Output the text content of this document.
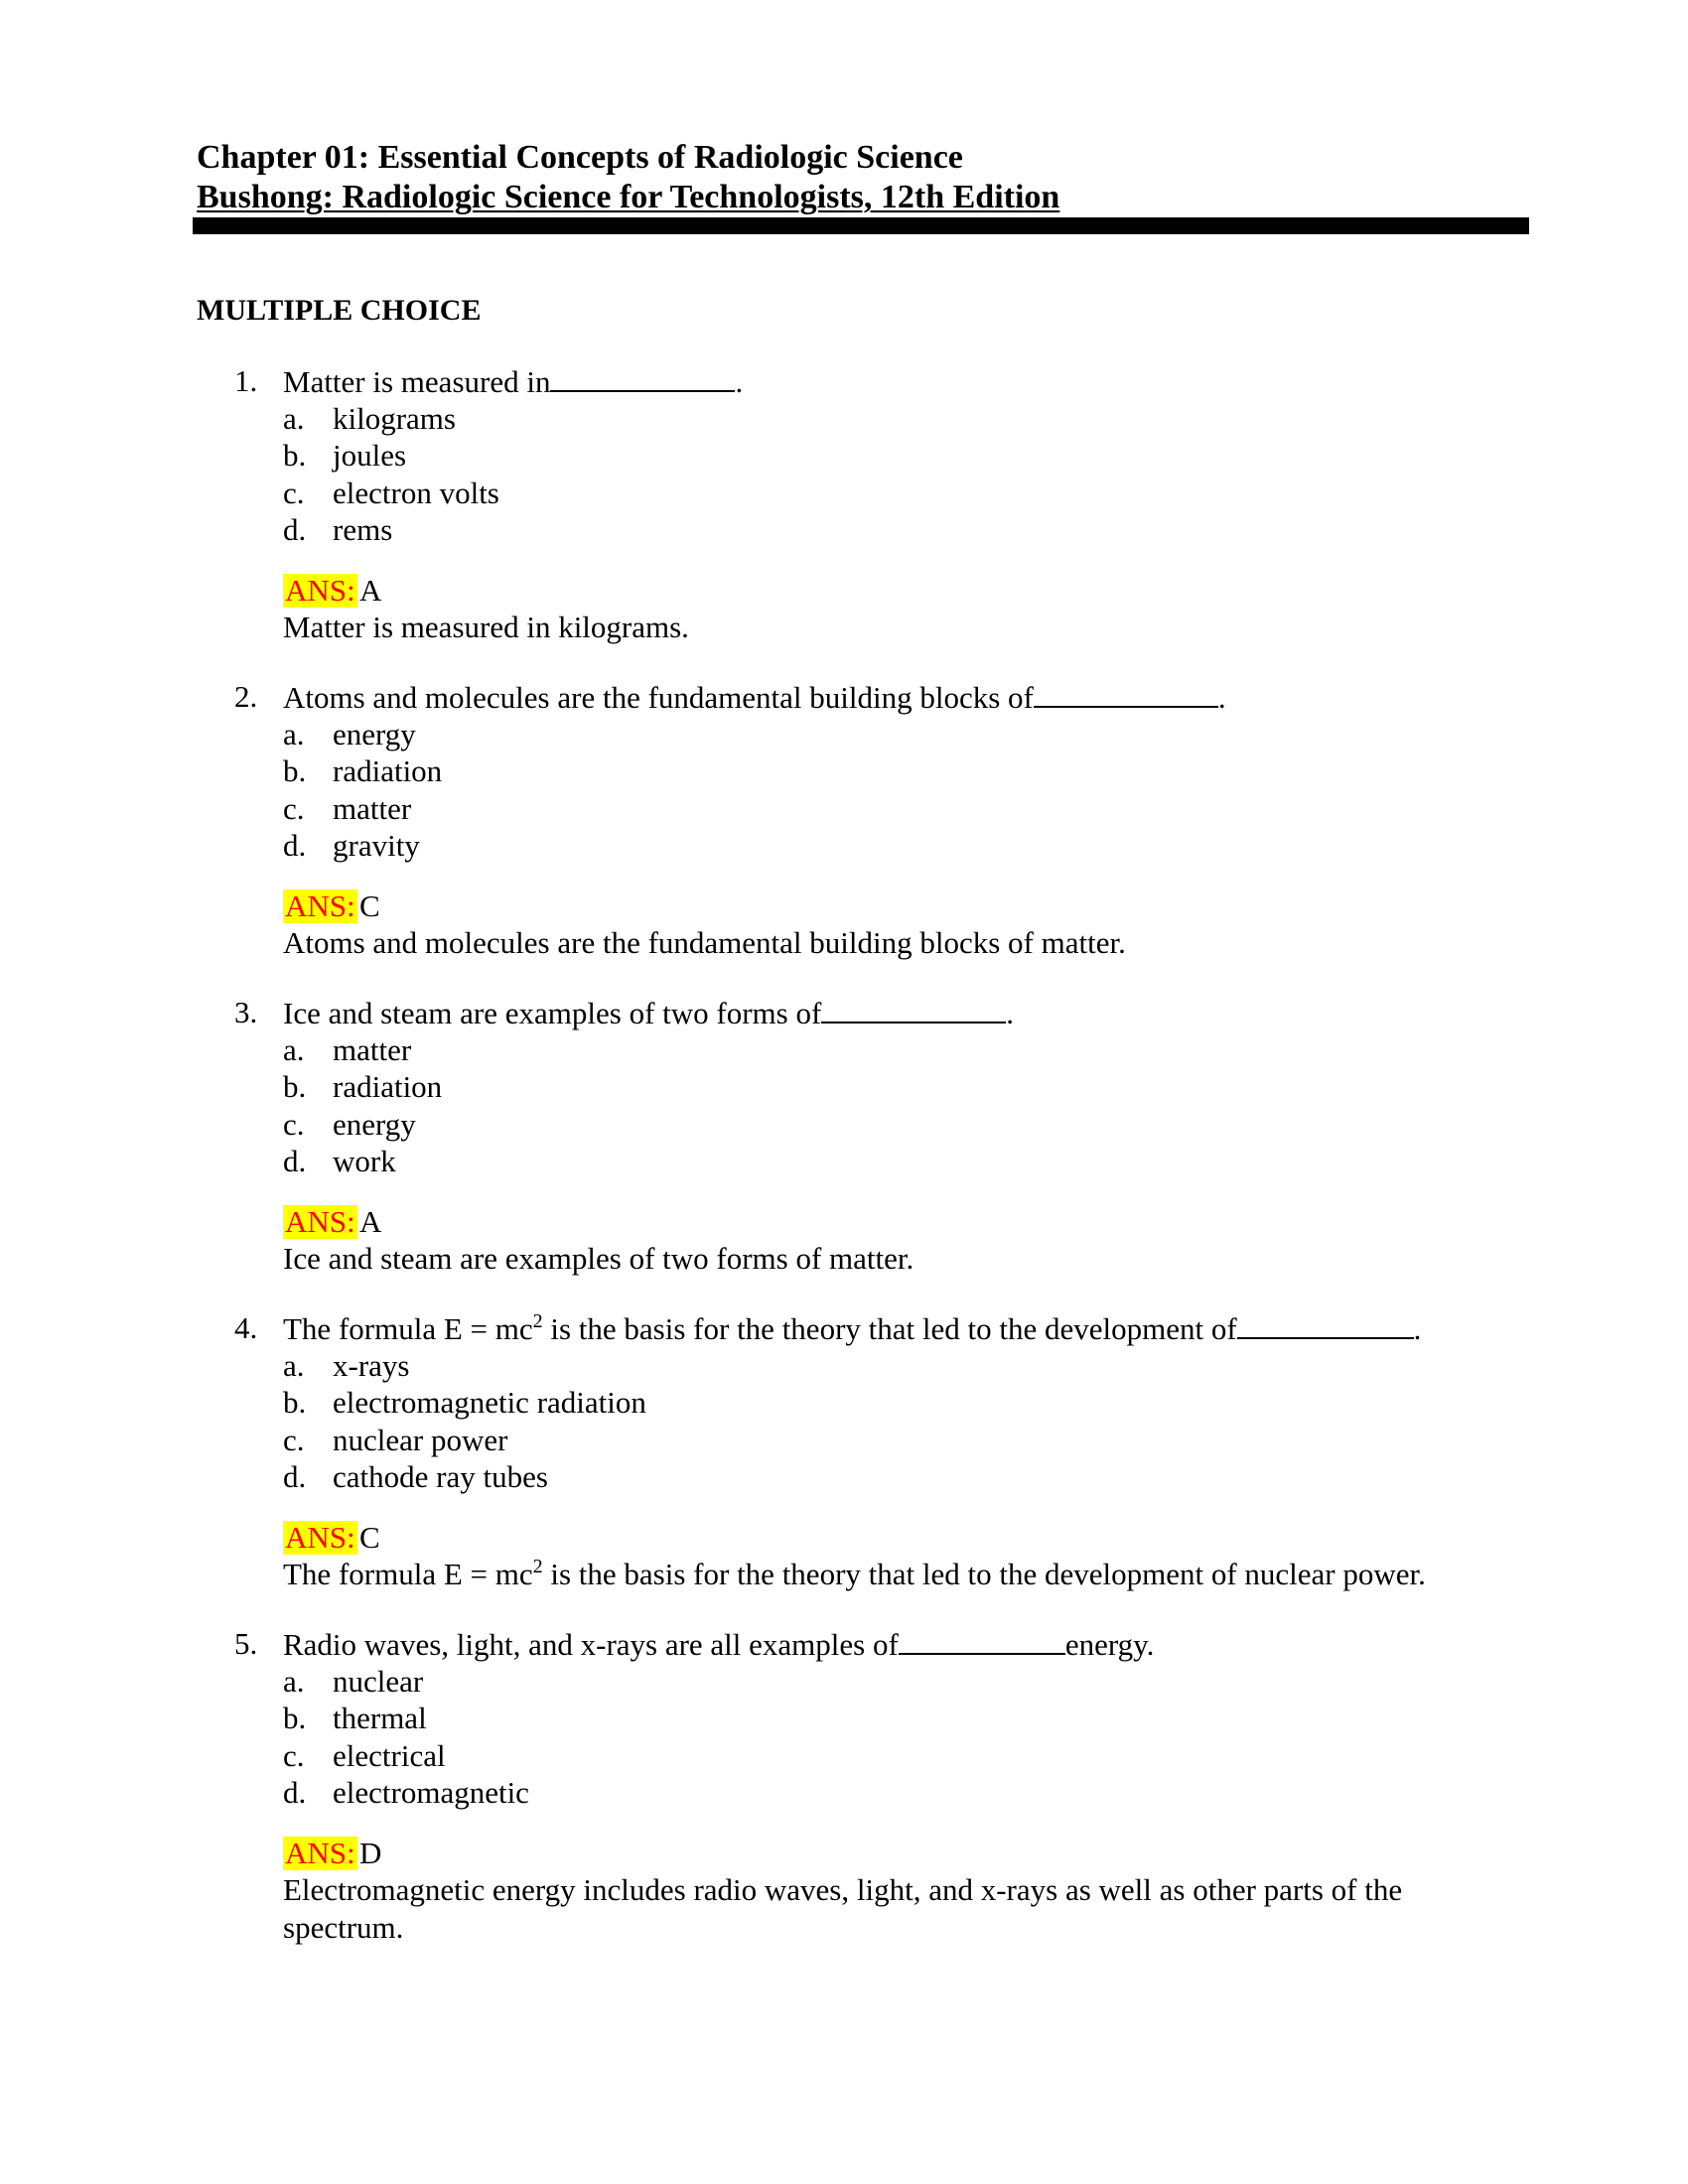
Chapter 01: Essential Concepts of Radiologic Science
Bushong: Radiologic Science for Technologists, 12th Edition
MULTIPLE CHOICE
1. Matter is measured in	.
a. kilograms
b. joules
c. electron volts
d. rems
ANS: A
Matter is measured in kilograms.
2. Atoms and molecules are the fundamental building blocks of	.
a. energy
b. radiation
c. matter
d. gravity
ANS: C
Atoms and molecules are the fundamental building blocks of matter.
3. Ice and steam are examples of two forms of	.
a. matter
b. radiation
c. energy
d. work
ANS: A
Ice and steam are examples of two forms of matter.
4. The formula $E = mc^2$ is the basis for the theory that led to the development of	.
a. x-rays
b. electromagnetic radiation
c. nuclear power
d. cathode ray tubes
ANS: C
The formula $E = mc^2$ is the basis for the theory that led to the development of nuclear power.
5. Radio waves, light, and x-rays are all examples of	energy.
a. nuclear
b. thermal
c. electrical
d. electromagnetic
ANS: D
Electromagnetic energy includes radio waves, light, and x-rays as well as other parts of the spectrum.
